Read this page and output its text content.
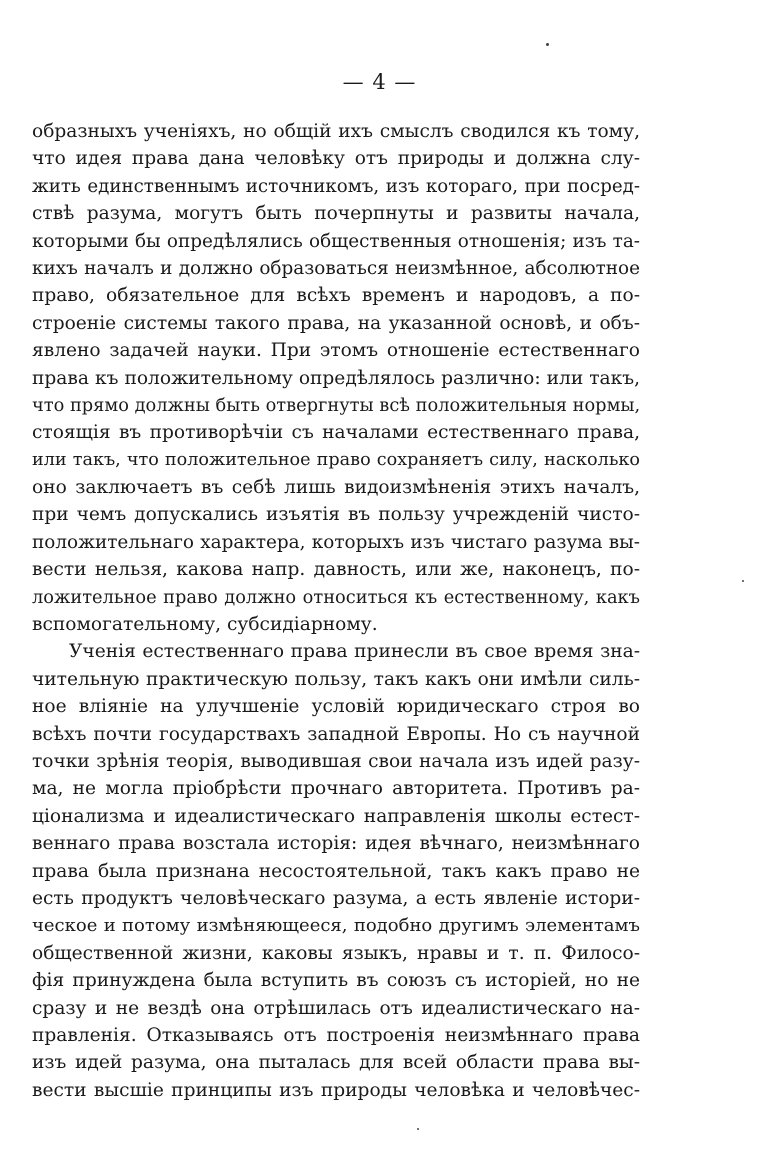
— 4 —
образныхъ ученіяхъ, но общій ихъ смыслъ сводился къ тому,
что идея права дана человѣку отъ природы и должна слу-
жить единственнымъ источникомъ, изъ котораго, при посред-
ствѣ разума, могутъ быть почерпнуты и развиты начала,
которыми бы опредѣлялись общественныя отношенія; изъ та-
кихъ началъ и должно образоваться неизмѣнное, абсолютное
право, обязательное для всѣхъ временъ и народовъ, а по-
строеніе системы такого права, на указанной основѣ, и объ-
явлено задачей науки. При этомъ отношеніе естественнаго
права къ положительному опредѣлялось различно: или такъ,
что прямо должны быть отвергнуты всѣ положительныя нормы,
стоящія въ противорѣчіи съ началами естественнаго права,
или такъ, что положительное право сохраняетъ силу, насколько
оно заключаетъ въ себѣ лишь видоизмѣненія этихъ началъ,
при чемъ допускались изъятія въ пользу учрежденій чисто-
положительнаго характера, которыхъ изъ чистаго разума вы-
вести нельзя, какова напр. давность, или же, наконецъ, по-
ложительное право должно относиться къ естественному, какъ
вспомогательному, субсидіарному.
Ученія естественнаго права принесли въ свое время зна-
чительную практическую пользу, такъ какъ они имѣли силь-
ное вліяніе на улучшеніе условій юридическаго строя во
всѣхъ почти государствахъ западной Европы. Но съ научной
точки зрѣнія теорія, выводившая свои начала изъ идей разу-
ма, не могла пріобрѣсти прочнаго авторитета. Противъ ра-
ціонализма и идеалистическаго направленія школы естест-
веннаго права возстала исторія: идея вѣчнаго, неизмѣннаго
права была признана несостоятельной, такъ какъ право не
есть продуктъ человѣческаго разума, а есть явленіе истори-
ческое и потому измѣняющееся, подобно другимъ элементамъ
общественной жизни, каковы языкъ, нравы и т. п. Филосо-
фія принуждена была вступить въ союзъ съ исторіей, но не
сразу и не вездѣ она отрѣшилась отъ идеалистическаго на-
правленія. Отказываясь отъ построенія неизмѣннаго права
изъ идей разума, она пыталась для всей области права вы-
вести высшіе принципы изъ природы человѣка и человѣчес-
